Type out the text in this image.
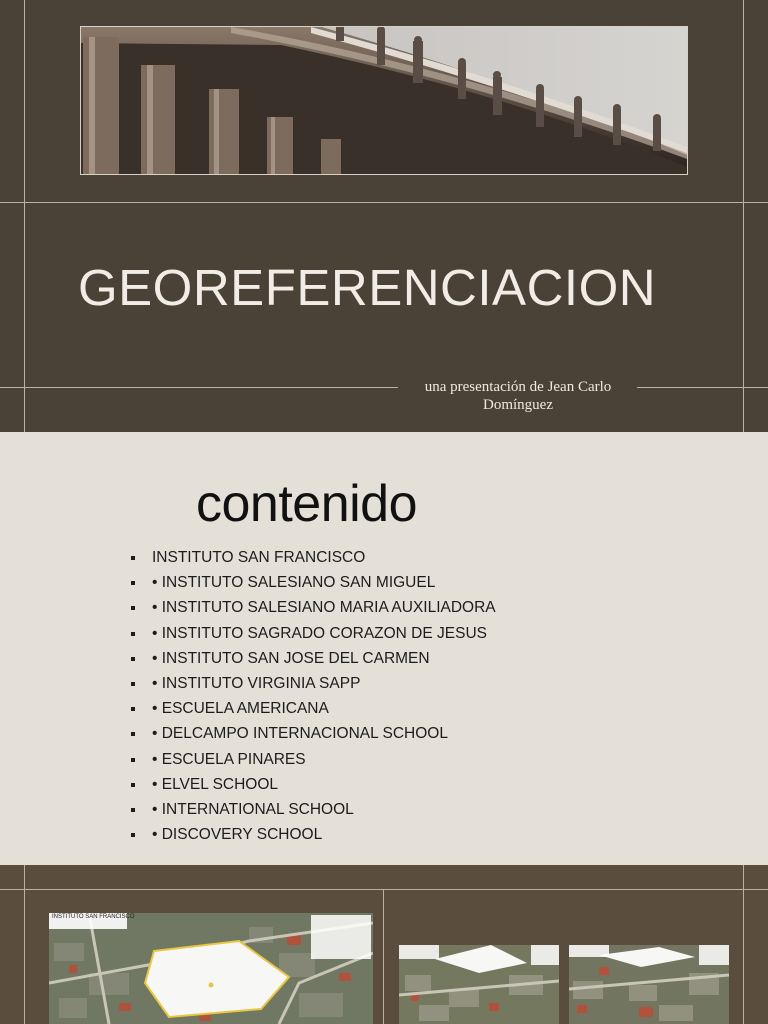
GEOREFERENCIACION
una presentación de Jean Carlo
Domínguez
contenido
INSTITUTO SAN FRANCISCO
• INSTITUTO SALESIANO SAN MIGUEL
• INSTITUTO SALESIANO MARIA AUXILIADORA
• INSTITUTO SAGRADO CORAZON DE JESUS
• INSTITUTO SAN JOSE DEL CARMEN
• INSTITUTO VIRGINIA SAPP
• ESCUELA AMERICANA
• DELCAMPO INTERNACIONAL SCHOOL
• ESCUELA PINARES
• ELVEL SCHOOL
• INTERNATIONAL SCHOOL
• DISCOVERY SCHOOL
INSTITUTO SAN FRANCISCO
